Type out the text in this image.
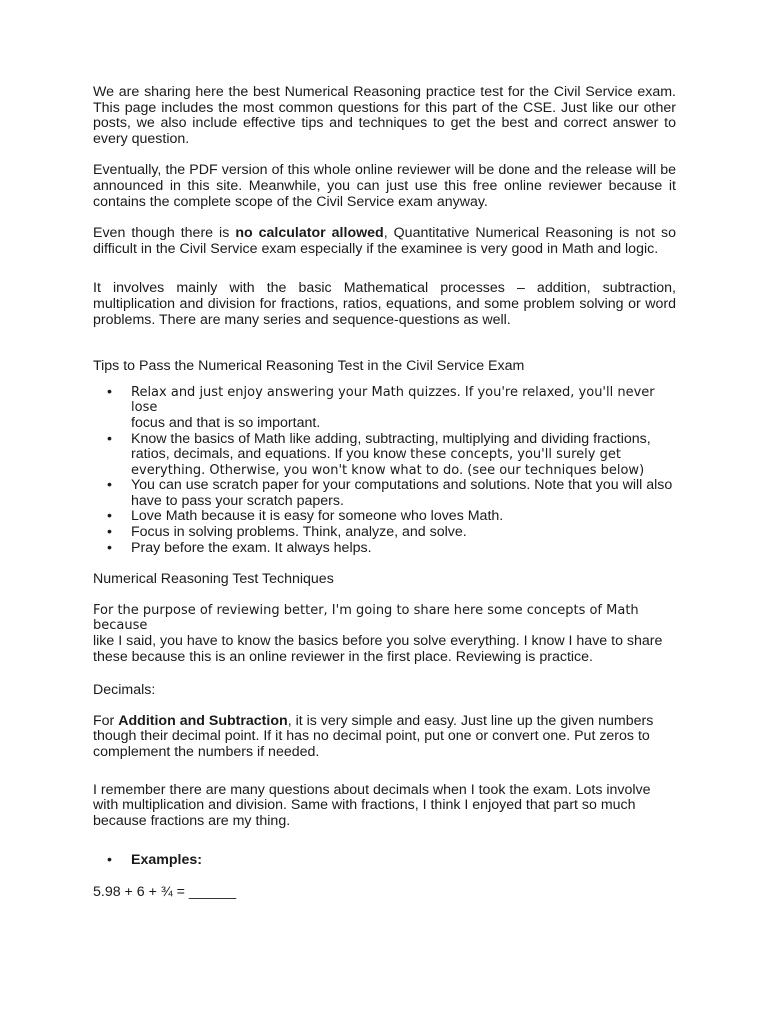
We are sharing here the best Numerical Reasoning practice test for the Civil Service exam. This page includes the most common questions for this part of the CSE. Just like our other posts, we also include effective tips and techniques to get the best and correct answer to every question.

Eventually, the PDF version of this whole online reviewer will be done and the release will be announced in this site. Meanwhile, you can just use this free online reviewer because it contains the complete scope of the Civil Service exam anyway.

Even though there is no calculator allowed, Quantitative Numerical Reasoning is not so difficult in the Civil Service exam especially if the examinee is very good in Math and logic.

It involves mainly with the basic Mathematical processes – addition, subtraction, multiplication and division for fractions, ratios, equations, and some problem solving or word problems. There are many series and sequence-questions as well.

Tips to Pass the Numerical Reasoning Test in the Civil Service Exam

• Relax and just enjoy answering your Math quizzes. If you're relaxed, you'll never lose
focus and that is so important.
• Know the basics of Math like adding, subtracting, multiplying and dividing fractions, ratios, decimals, and equations. If you know these concepts, you'll surely get everything. Otherwise, you won't know what to do. (see our techniques below)
• You can use scratch paper for your computations and solutions. Note that you will also have to pass your scratch papers.
• Love Math because it is easy for someone who loves Math.
• Focus in solving problems. Think, analyze, and solve.
• Pray before the exam. It always helps.

Numerical Reasoning Test Techniques

For the purpose of reviewing better, I'm going to share here some concepts of Math because
like I said, you have to know the basics before you solve everything. I know I have to share these because this is an online reviewer in the first place. Reviewing is practice.

Decimals:

For Addition and Subtraction, it is very simple and easy. Just line up the given numbers though their decimal point. If it has no decimal point, put one or convert one. Put zeros to complement the numbers if needed.

I remember there are many questions about decimals when I took the exam. Lots involve with multiplication and division. Same with fractions, I think I enjoyed that part so much because fractions are my thing.

• Examples:

5.98 + 6 + ¾ = ______
